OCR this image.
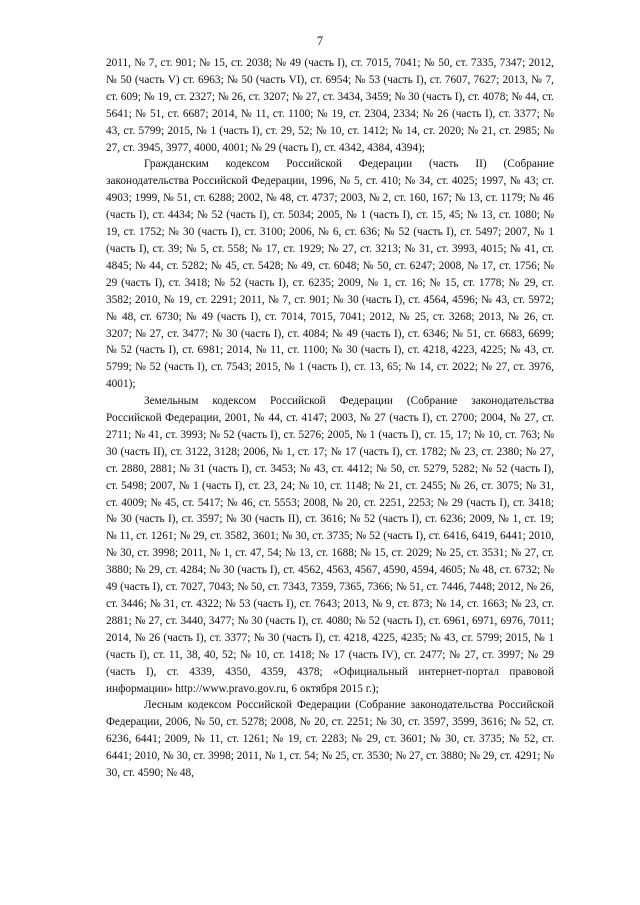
7

2011, № 7, ст. 901; № 15, ст. 2038; № 49 (часть I), ст. 7015, 7041; № 50, ст. 7335, 7347; 2012, № 50 (часть V) ст. 6963; № 50 (часть VI), ст. 6954; № 53 (часть I), ст. 7607, 7627; 2013, № 7, ст. 609; № 19, ст. 2327; № 26, ст. 3207; № 27, ст. 3434, 3459; № 30 (часть I), ст. 4078; № 44, ст. 5641; № 51, ст. 6687; 2014, № 11, ст. 1100; № 19, ст. 2304, 2334; № 26 (часть I), ст. 3377; № 43, ст. 5799; 2015, № 1 (часть I), ст. 29, 52; № 10, ст. 1412; № 14, ст. 2020; № 21, ст. 2985; № 27, ст. 3945, 3977, 4000, 4001; № 29 (часть I), ст. 4342, 4384, 4394);

Гражданским кодексом Российской Федерации (часть II) (Собрание законодательства Российской Федерации, 1996, № 5, ст. 410; № 34, ст. 4025; 1997, № 43; ст. 4903; 1999, № 51, ст. 6288; 2002, № 48, ст. 4737; 2003, № 2, ст. 160, 167; № 13, ст. 1179; № 46 (часть I), ст. 4434; № 52 (часть I), ст. 5034; 2005, № 1 (часть I), ст. 15, 45; № 13, ст. 1080; № 19, ст. 1752; № 30 (часть I), ст. 3100; 2006, № 6, ст. 636; № 52 (часть I), ст. 5497; 2007, № 1 (часть I), ст. 39; № 5, ст. 558; № 17, ст. 1929; № 27, ст. 3213; № 31, ст. 3993, 4015; № 41, ст. 4845; № 44, ст. 5282; № 45, ст. 5428; № 49, ст. 6048; № 50, ст. 6247; 2008, № 17, ст. 1756; № 29 (часть I), ст. 3418; № 52 (часть I), ст. 6235; 2009, № 1, ст. 16; № 15, ст. 1778; № 29, ст. 3582; 2010, № 19, ст. 2291; 2011, № 7, ст. 901; № 30 (часть I), ст. 4564, 4596; № 43, ст. 5972; № 48, ст. 6730; № 49 (часть I), ст. 7014, 7015, 7041; 2012, № 25, ст. 3268; 2013, № 26, ст. 3207; № 27, ст. 3477; № 30 (часть I), ст. 4084; № 49 (часть I), ст. 6346; № 51, ст. 6683, 6699; № 52 (часть I), ст. 6981; 2014, № 11, ст. 1100; № 30 (часть I), ст. 4218, 4223, 4225; № 43, ст. 5799; № 52 (часть I), ст. 7543; 2015, № 1 (часть I), ст. 13, 65; № 14, ст. 2022; № 27, ст. 3976, 4001);

Земельным кодексом Российской Федерации (Собрание законодательства Российской Федерации, 2001, № 44, ст. 4147; 2003, № 27 (часть I), ст. 2700; 2004, № 27, ст. 2711; № 41, ст. 3993; № 52 (часть I), ст. 5276; 2005, № 1 (часть I), ст. 15, 17; № 10, ст. 763; № 30 (часть II), ст. 3122, 3128; 2006, № 1, ст. 17; № 17 (часть I), ст. 1782; № 23, ст. 2380; № 27, ст. 2880, 2881; № 31 (часть I), ст. 3453; № 43, ст. 4412; № 50, ст. 5279, 5282; № 52 (часть I), ст. 5498; 2007, № 1 (часть I), ст. 23, 24; № 10, ст. 1148; № 21, ст. 2455; № 26, ст. 3075; № 31, ст. 4009; № 45, ст. 5417; № 46, ст. 5553; 2008, № 20, ст. 2251, 2253; № 29 (часть I), ст. 3418; № 30 (часть I), ст. 3597; № 30 (часть II), ст. 3616; № 52 (часть I), ст. 6236; 2009, № 1, ст. 19; № 11, ст. 1261; № 29, ст. 3582, 3601; № 30, ст. 3735; № 52 (часть I), ст. 6416, 6419, 6441; 2010, № 30, ст. 3998; 2011, № 1, ст. 47, 54; № 13, ст. 1688; № 15, ст. 2029; № 25, ст. 3531; № 27, ст. 3880; № 29, ст. 4284; № 30 (часть I), ст. 4562, 4563, 4567, 4590, 4594, 4605; № 48, ст. 6732; № 49 (часть I), ст. 7027, 7043; № 50, ст. 7343, 7359, 7365, 7366; № 51, ст. 7446, 7448; 2012, № 26, ст. 3446; № 31, ст. 4322; № 53 (часть I), ст. 7643; 2013, № 9, ст. 873; № 14, ст. 1663; № 23, ст. 2881; № 27, ст. 3440, 3477; № 30 (часть I), ст. 4080; № 52 (часть I), ст. 6961, 6971, 6976, 7011; 2014, № 26 (часть I), ст. 3377; № 30 (часть I), ст. 4218, 4225, 4235; № 43, ст. 5799; 2015, № 1 (часть I), ст. 11, 38, 40, 52; № 10, ст. 1418; № 17 (часть IV), ст. 2477; № 27, ст. 3997; № 29 (часть I), ст. 4339, 4350, 4359, 4378; «Официальный интернет-портал правовой информации» http://www.pravo.gov.ru, 6 октября 2015 г.);

Лесным кодексом Российской Федерации (Собрание законодательства Российской Федерации, 2006, № 50, ст. 5278; 2008, № 20, ст. 2251; № 30, ст. 3597, 3599, 3616; № 52, ст. 6236, 6441; 2009, № 11, ст. 1261; № 19, ст. 2283; № 29, ст. 3601; № 30, ст. 3735; № 52, ст. 6441; 2010, № 30, ст. 3998; 2011, № 1, ст. 54; № 25, ст. 3530; № 27, ст. 3880; № 29, ст. 4291; № 30, ст. 4590; № 48,
